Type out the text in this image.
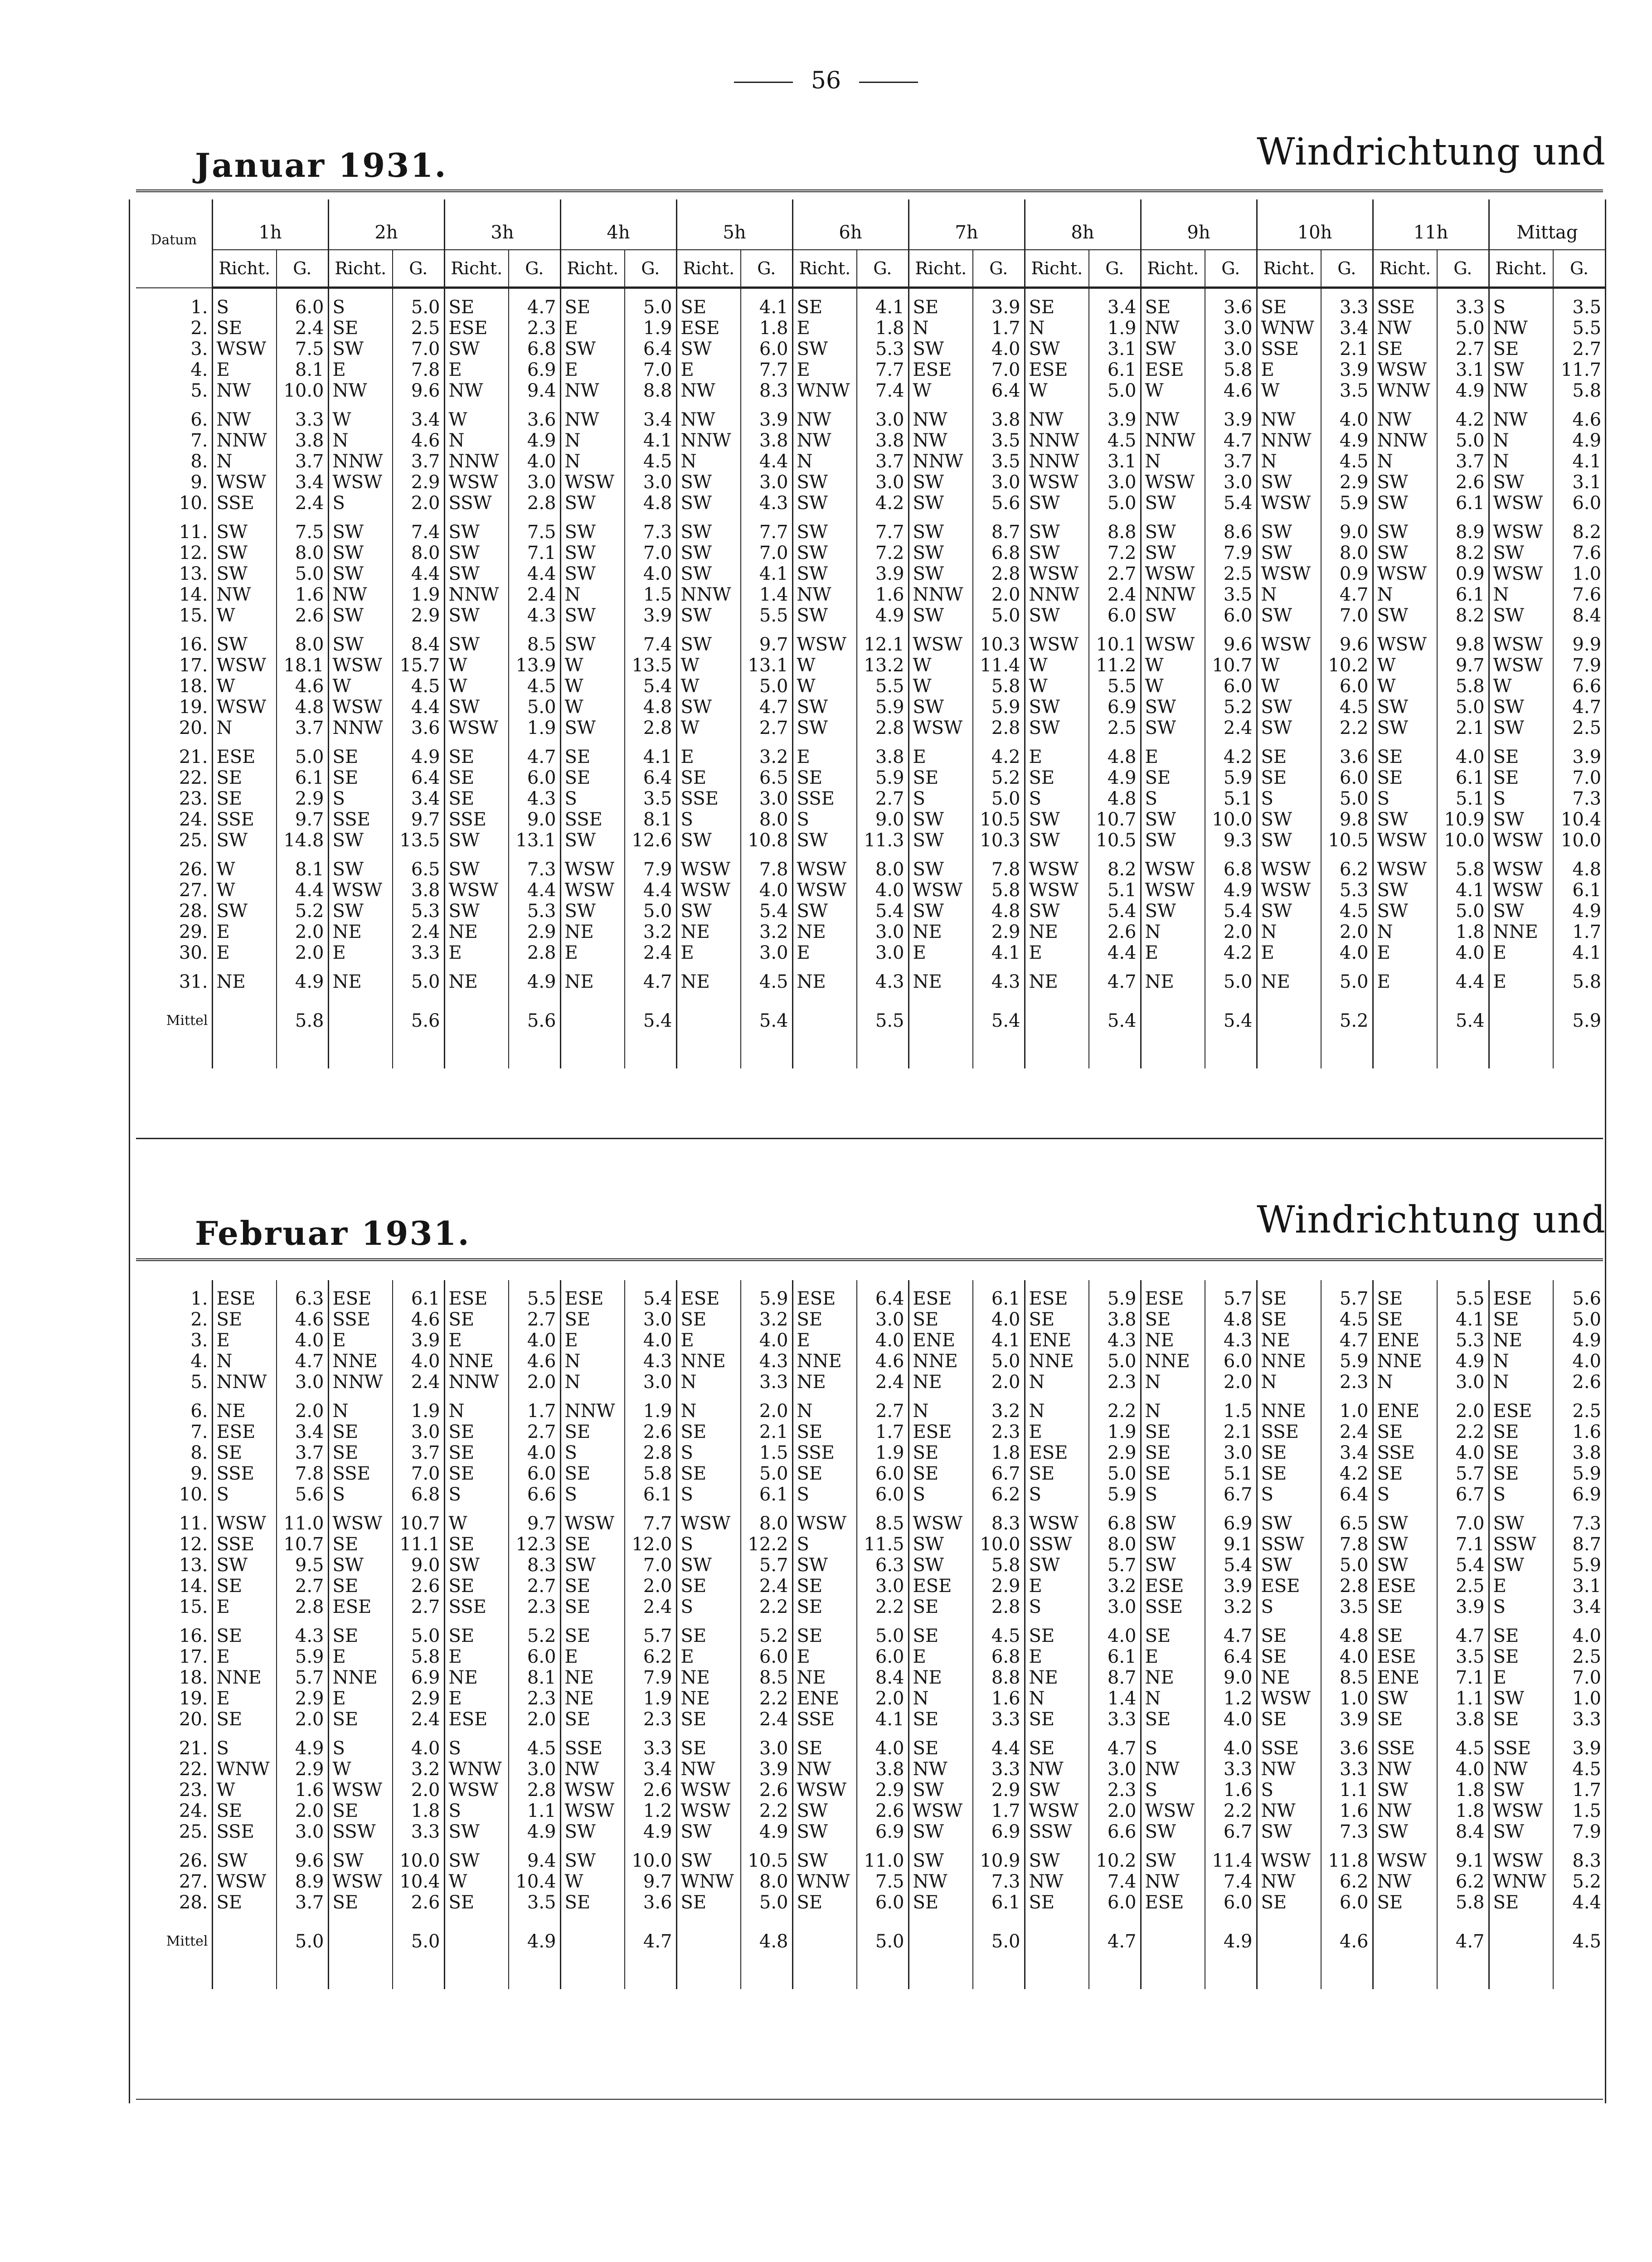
56
Januar 1931.	Windrichtung und
Datum	1h		2h		3h		4h		5h		6h		7h		8h		9h		10h		11h		Mittag	
	Richt.	G.	Richt.	G.	Richt.	G.	Richt.	G.	Richt.	G.	Richt.	G.	Richt.	G.	Richt.	G.	Richt.	G.	Richt.	G.	Richt.	G.	Richt.	G.

1.	S	6.0	S	5.0	SE	4.7	SE	5.0	SE	4.1	SE	4.1	SE	3.9	SE	3.4	SE	3.6	SE	3.3	SSE	3.3	S	3.5
2.	SE	2.4	SE	2.5	ESE	2.3	E	1.9	ESE	1.8	E	1.8	N	1.7	N	1.9	NW	3.0	WNW	3.4	NW	5.0	NW	5.5
3.	WSW	7.5	SW	7.0	SW	6.8	SW	6.4	SW	6.0	SW	5.3	SW	4.0	SW	3.1	SW	3.0	SSE	2.1	SE	2.7	SE	2.7
4.	E	8.1	E	7.8	E	6.9	E	7.0	E	7.7	E	7.7	ESE	7.0	ESE	6.1	ESE	5.8	E	3.9	WSW	3.1	SW	11.7
5.	NW	10.0	NW	9.6	NW	9.4	NW	8.8	NW	8.3	WNW	7.4	W	6.4	W	5.0	W	4.6	W	3.5	WNW	4.9	NW	5.8

6.	NW	3.3	W	3.4	W	3.6	NW	3.4	NW	3.9	NW	3.0	NW	3.8	NW	3.9	NW	3.9	NW	4.0	NW	4.2	NW	4.6
7.	NNW	3.8	N	4.6	N	4.9	N	4.1	NNW	3.8	NW	3.8	NW	3.5	NNW	4.5	NNW	4.7	NNW	4.9	NNW	5.0	N	4.9
8.	N	3.7	NNW	3.7	NNW	4.0	N	4.5	N	4.4	N	3.7	NNW	3.5	NNW	3.1	N	3.7	N	4.5	N	3.7	N	4.1
9.	WSW	3.4	WSW	2.9	WSW	3.0	WSW	3.0	SW	3.0	SW	3.0	SW	3.0	WSW	3.0	WSW	3.0	SW	2.9	SW	2.6	SW	3.1
10.	SSE	2.4	S	2.0	SSW	2.8	SW	4.8	SW	4.3	SW	4.2	SW	5.6	SW	5.0	SW	5.4	WSW	5.9	SW	6.1	WSW	6.0

11.	SW	7.5	SW	7.4	SW	7.5	SW	7.3	SW	7.7	SW	7.7	SW	8.7	SW	8.8	SW	8.6	SW	9.0	SW	8.9	WSW	8.2
12.	SW	8.0	SW	8.0	SW	7.1	SW	7.0	SW	7.0	SW	7.2	SW	6.8	SW	7.2	SW	7.9	SW	8.0	SW	8.2	SW	7.6
13.	SW	5.0	SW	4.4	SW	4.4	SW	4.0	SW	4.1	SW	3.9	SW	2.8	WSW	2.7	WSW	2.5	WSW	0.9	WSW	0.9	WSW	1.0
14.	NW	1.6	NW	1.9	NNW	2.4	N	1.5	NNW	1.4	NW	1.6	NNW	2.0	NNW	2.4	NNW	3.5	N	4.7	N	6.1	N	7.6
15.	W	2.6	SW	2.9	SW	4.3	SW	3.9	SW	5.5	SW	4.9	SW	5.0	SW	6.0	SW	6.0	SW	7.0	SW	8.2	SW	8.4

16.	SW	8.0	SW	8.4	SW	8.5	SW	7.4	SW	9.7	WSW	12.1	WSW	10.3	WSW	10.1	WSW	9.6	WSW	9.6	WSW	9.8	WSW	9.9
17.	WSW	18.1	WSW	15.7	W	13.9	W	13.5	W	13.1	W	13.2	W	11.4	W	11.2	W	10.7	W	10.2	W	9.7	WSW	7.9
18.	W	4.6	W	4.5	W	4.5	W	5.4	W	5.0	W	5.5	W	5.8	W	5.5	W	6.0	W	6.0	W	5.8	W	6.6
19.	WSW	4.8	WSW	4.4	SW	5.0	W	4.8	SW	4.7	SW	5.9	SW	5.9	SW	6.9	SW	5.2	SW	4.5	SW	5.0	SW	4.7
20.	N	3.7	NNW	3.6	WSW	1.9	SW	2.8	W	2.7	SW	2.8	WSW	2.8	SW	2.5	SW	2.4	SW	2.2	SW	2.1	SW	2.5

21.	ESE	5.0	SE	4.9	SE	4.7	SE	4.1	E	3.2	E	3.8	E	4.2	E	4.8	E	4.2	SE	3.6	SE	4.0	SE	3.9
22.	SE	6.1	SE	6.4	SE	6.0	SE	6.4	SE	6.5	SE	5.9	SE	5.2	SE	4.9	SE	5.9	SE	6.0	SE	6.1	SE	7.0
23.	SE	2.9	S	3.4	SE	4.3	S	3.5	SSE	3.0	SSE	2.7	S	5.0	S	4.8	S	5.1	S	5.0	S	5.1	S	7.3
24.	SSE	9.7	SSE	9.7	SSE	9.0	SSE	8.1	S	8.0	S	9.0	SW	10.5	SW	10.7	SW	10.0	SW	9.8	SW	10.9	SW	10.4
25.	SW	14.8	SW	13.5	SW	13.1	SW	12.6	SW	10.8	SW	11.3	SW	10.3	SW	10.5	SW	9.3	SW	10.5	WSW	10.0	WSW	10.0

26.	W	8.1	SW	6.5	SW	7.3	WSW	7.9	WSW	7.8	WSW	8.0	SW	7.8	WSW	8.2	WSW	6.8	WSW	6.2	WSW	5.8	WSW	4.8
27.	W	4.4	WSW	3.8	WSW	4.4	WSW	4.4	WSW	4.0	WSW	4.0	WSW	5.8	WSW	5.1	WSW	4.9	WSW	5.3	SW	4.1	WSW	6.1
28.	SW	5.2	SW	5.3	SW	5.3	SW	5.0	SW	5.4	SW	5.4	SW	4.8	SW	5.4	SW	5.4	SW	4.5	SW	5.0	SW	4.9
29.	E	2.0	NE	2.4	NE	2.9	NE	3.2	NE	3.2	NE	3.0	NE	2.9	NE	2.6	N	2.0	N	2.0	N	1.8	NNE	1.7
30.	E	2.0	E	3.3	E	2.8	E	2.4	E	3.0	E	3.0	E	4.1	E	4.4	E	4.2	E	4.0	E	4.0	E	4.1

31.	NE	4.9	NE	5.0	NE	4.9	NE	4.7	NE	4.5	NE	4.3	NE	4.3	NE	4.7	NE	5.0	NE	5.0	E	4.4	E	5.8

Mittel		5.8		5.6		5.6		5.4		5.4		5.5		5.4		5.4		5.4		5.2		5.4		5.9

Februar 1931.	Windrichtung und

1.	ESE	6.3	ESE	6.1	ESE	5.5	ESE	5.4	ESE	5.9	ESE	6.4	ESE	6.1	ESE	5.9	ESE	5.7	SE	5.7	SE	5.5	ESE	5.6
2.	SE	4.6	SSE	4.6	SE	2.7	SE	3.0	SE	3.2	SE	3.0	SE	4.0	SE	3.8	SE	4.8	SE	4.5	SE	4.1	SE	5.0
3.	E	4.0	E	3.9	E	4.0	E	4.0	E	4.0	E	4.0	ENE	4.1	ENE	4.3	NE	4.3	NE	4.7	ENE	5.3	NE	4.9
4.	N	4.7	NNE	4.0	NNE	4.6	N	4.3	NNE	4.3	NNE	4.6	NNE	5.0	NNE	5.0	NNE	6.0	NNE	5.9	NNE	4.9	N	4.0
5.	NNW	3.0	NNW	2.4	NNW	2.0	N	3.0	N	3.3	NE	2.4	NE	2.0	N	2.3	N	2.0	N	2.3	N	3.0	N	2.6

6.	NE	2.0	N	1.9	N	1.7	NNW	1.9	N	2.0	N	2.7	N	3.2	N	2.2	N	1.5	NNE	1.0	ENE	2.0	ESE	2.5
7.	ESE	3.4	SE	3.0	SE	2.7	SE	2.6	SE	2.1	SE	1.7	ESE	2.3	E	1.9	SE	2.1	SSE	2.4	SE	2.2	SE	1.6
8.	SE	3.7	SE	3.7	SE	4.0	S	2.8	S	1.5	SSE	1.9	SE	1.8	ESE	2.9	SE	3.0	SE	3.4	SSE	4.0	SE	3.8
9.	SSE	7.8	SSE	7.0	SE	6.0	SE	5.8	SE	5.0	SE	6.0	SE	6.7	SE	5.0	SE	5.1	SE	4.2	SE	5.7	SE	5.9
10.	S	5.6	S	6.8	S	6.6	S	6.1	S	6.1	S	6.0	S	6.2	S	5.9	S	6.7	S	6.4	S	6.7	S	6.9

11.	WSW	11.0	WSW	10.7	W	9.7	WSW	7.7	WSW	8.0	WSW	8.5	WSW	8.3	WSW	6.8	SW	6.9	SW	6.5	SW	7.0	SW	7.3
12.	SSE	10.7	SE	11.1	SE	12.3	SE	12.0	S	12.2	S	11.5	SW	10.0	SSW	8.0	SW	9.1	SSW	7.8	SW	7.1	SSW	8.7
13.	SW	9.5	SW	9.0	SW	8.3	SW	7.0	SW	5.7	SW	6.3	SW	5.8	SW	5.7	SW	5.4	SW	5.0	SW	5.4	SW	5.9
14.	SE	2.7	SE	2.6	SE	2.7	SE	2.0	SE	2.4	SE	3.0	ESE	2.9	E	3.2	ESE	3.9	ESE	2.8	ESE	2.5	E	3.1
15.	E	2.8	ESE	2.7	SSE	2.3	SE	2.4	S	2.2	SE	2.2	SE	2.8	S	3.0	SSE	3.2	S	3.5	SE	3.9	S	3.4

16.	SE	4.3	SE	5.0	SE	5.2	SE	5.7	SE	5.2	SE	5.0	SE	4.5	SE	4.0	SE	4.7	SE	4.8	SE	4.7	SE	4.0
17.	E	5.9	E	5.8	E	6.0	E	6.2	E	6.0	E	6.0	E	6.8	E	6.1	E	6.4	SE	4.0	ESE	3.5	SE	2.5
18.	NNE	5.7	NNE	6.9	NE	8.1	NE	7.9	NE	8.5	NE	8.4	NE	8.8	NE	8.7	NE	9.0	NE	8.5	ENE	7.1	E	7.0
19.	E	2.9	E	2.9	E	2.3	NE	1.9	NE	2.2	ENE	2.0	N	1.6	N	1.4	N	1.2	WSW	1.0	SW	1.1	SW	1.0
20.	SE	2.0	SE	2.4	ESE	2.0	SE	2.3	SE	2.4	SSE	4.1	SE	3.3	SE	3.3	SE	4.0	SE	3.9	SE	3.8	SE	3.3

21.	S	4.9	S	4.0	S	4.5	SSE	3.3	SE	3.0	SE	4.0	SE	4.4	SE	4.7	S	4.0	SSE	3.6	SSE	4.5	SSE	3.9
22.	WNW	2.9	W	3.2	WNW	3.0	NW	3.4	NW	3.9	NW	3.8	NW	3.3	NW	3.0	NW	3.3	NW	3.3	NW	4.0	NW	4.5
23.	W	1.6	WSW	2.0	WSW	2.8	WSW	2.6	WSW	2.6	WSW	2.9	SW	2.9	SW	2.3	S	1.6	S	1.1	SW	1.8	SW	1.7
24.	SE	2.0	SE	1.8	S	1.1	WSW	1.2	WSW	2.2	SW	2.6	WSW	1.7	WSW	2.0	WSW	2.2	NW	1.6	NW	1.8	WSW	1.5
25.	SSE	3.0	SSW	3.3	SW	4.9	SW	4.9	SW	4.9	SW	6.9	SW	6.9	SSW	6.6	SW	6.7	SW	7.3	SW	8.4	SW	7.9

26.	SW	9.6	SW	10.0	SW	9.4	SW	10.0	SW	10.5	SW	11.0	SW	10.9	SW	10.2	SW	11.4	WSW	11.8	WSW	9.1	WSW	8.3
27.	WSW	8.9	WSW	10.4	W	10.4	W	9.7	WNW	8.0	WNW	7.5	NW	7.3	NW	7.4	NW	7.4	NW	6.2	NW	6.2	WNW	5.2
28.	SE	3.7	SE	2.6	SE	3.5	SE	3.6	SE	5.0	SE	6.0	SE	6.1	SE	6.0	ESE	6.0	SE	6.0	SE	5.8	SE	4.4

Mittel		5.0		5.0		4.9		4.7		4.8		5.0		5.0		4.7		4.9		4.6		4.7		4.5
